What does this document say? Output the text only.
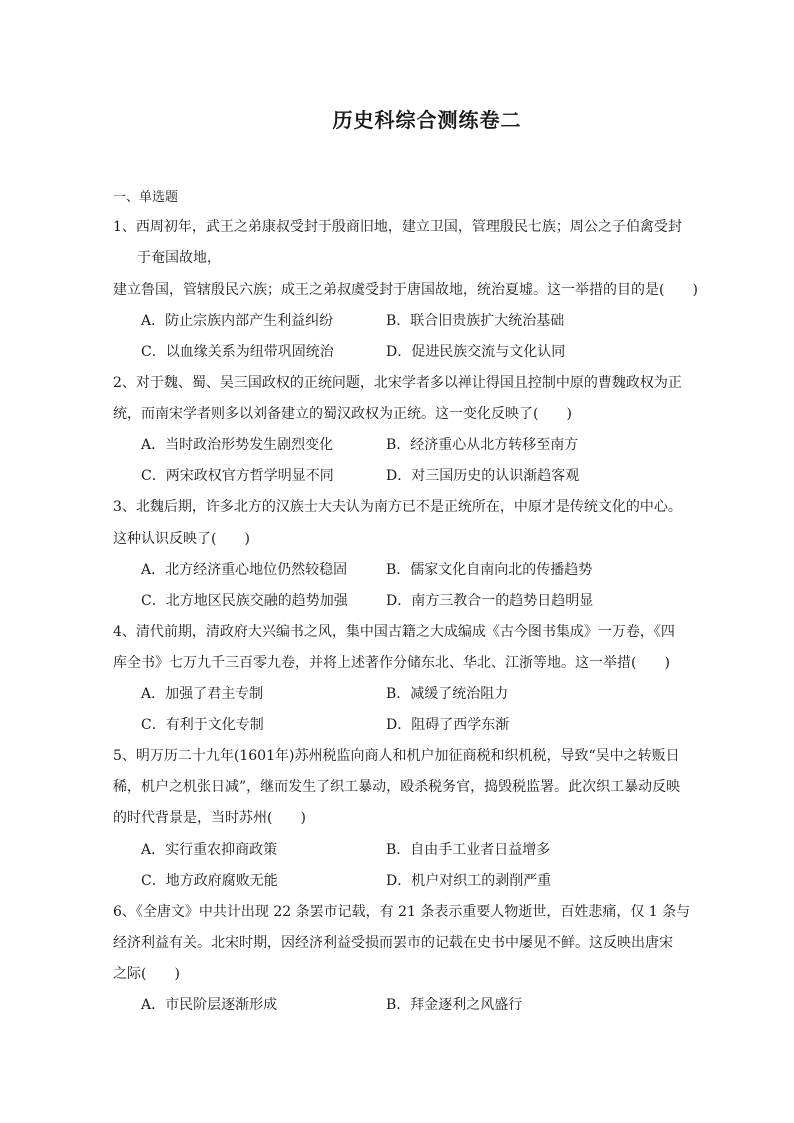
历史科综合测练卷二
一、单选题
1、西周初年，武王之弟康叔受封于殷商旧地，建立卫国，管理殷民七族；周公之子伯禽受封
于奄国故地，
建立鲁国，管辖殷民六族；成王之弟叔虞受封于唐国故地，统治夏墟。这一举措的目的是(　　)
A．防止宗族内部产生利益纠纷	B．联合旧贵族扩大统治基础
C．以血缘关系为纽带巩固统治	D．促进民族交流与文化认同
2、对于魏、蜀、吴三国政权的正统问题，北宋学者多以禅让得国且控制中原的曹魏政权为正
统，而南宋学者则多以刘备建立的蜀汉政权为正统。这一变化反映了(　　)
A．当时政治形势发生剧烈变化	B．经济重心从北方转移至南方
C．两宋政权官方哲学明显不同	D．对三国历史的认识渐趋客观
3、北魏后期，许多北方的汉族士大夫认为南方已不是正统所在，中原才是传统文化的中心。
这种认识反映了(　　)
A．北方经济重心地位仍然较稳固	B．儒家文化自南向北的传播趋势
C．北方地区民族交融的趋势加强	D．南方三教合一的趋势日趋明显
4、清代前期，清政府大兴编书之风，集中国古籍之大成编成《古今图书集成》一万卷，《四
库全书》七万九千三百零九卷，并将上述著作分储东北、华北、江浙等地。这一举措(　　)
A．加强了君主专制	B．减缓了统治阻力
C．有利于文化专制	D．阻碍了西学东渐
5、明万历二十九年(1601年)苏州税监向商人和机户加征商税和织机税，导致“吴中之转贩日
稀，机户之机张日减”，继而发生了织工暴动，殴杀税务官，捣毁税监署。此次织工暴动反映
的时代背景是，当时苏州(　　)
A．实行重农抑商政策	B．自由手工业者日益增多
C．地方政府腐败无能	D．机户对织工的剥削严重
6、《全唐文》中共计出现 22 条罢市记载，有 21 条表示重要人物逝世，百姓悲痛，仅 1 条与
经济利益有关。北宋时期，因经济利益受损而罢市的记载在史书中屡见不鲜。这反映出唐宋
之际(　　)
A．市民阶层逐渐形成	B．拜金逐利之风盛行
